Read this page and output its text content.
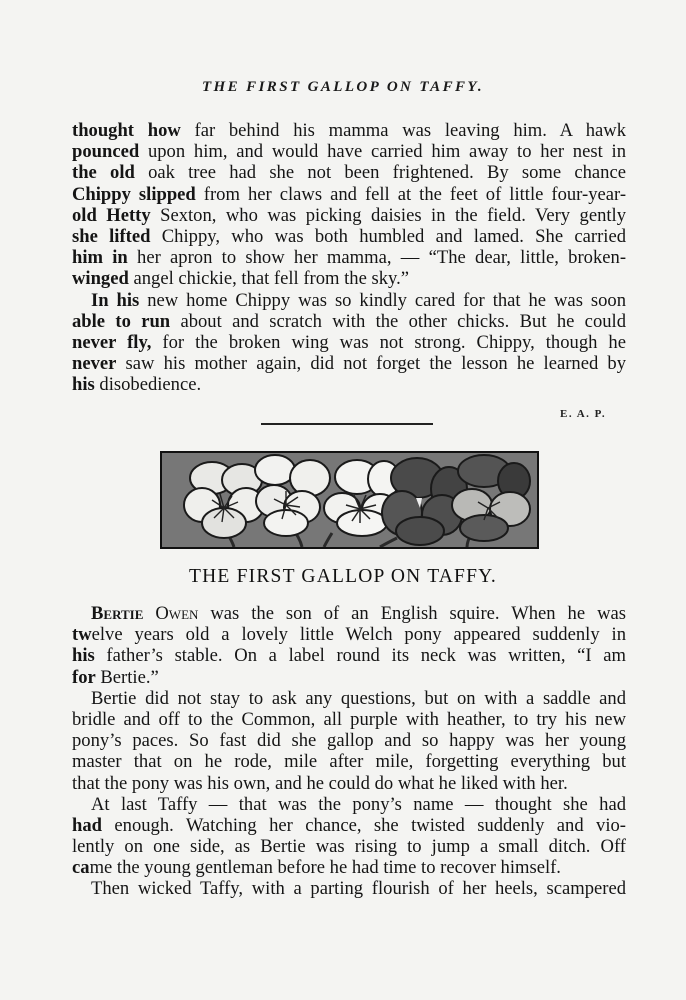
THE FIRST GALLOP ON TAFFY.
thought how far behind his mamma was leaving him. A hawk
pounced upon him, and would have carried him away to her nest in
the old oak tree had she not been frightened. By some chance
Chippy slipped from her claws and fell at the feet of little four-year-
old Hetty Sexton, who was picking daisies in the field. Very gently
she lifted Chippy, who was both humbled and lamed. She carried
him in her apron to show her mamma, — “The dear, little, broken-
winged angel chickie, that fell from the sky.”
In his new home Chippy was so kindly cared for that he was soon
able to run about and scratch with the other chicks. But he could
never fly, for the broken wing was not strong. Chippy, though he
never saw his mother again, did not forget the lesson he learned by
his disobedience.
E. A. P.
THE FIRST GALLOP ON TAFFY.
Bertie Owen was the son of an English squire. When he was
twelve years old a lovely little Welch pony appeared suddenly in
his father’s stable. On a label round its neck was written, “I am
for Bertie.”
Bertie did not stay to ask any questions, but on with a saddle and
bridle and off to the Common, all purple with heather, to try his new
pony’s paces. So fast did she gallop and so happy was her young
master that on he rode, mile after mile, forgetting everything but
that the pony was his own, and he could do what he liked with her.
At last Taffy — that was the pony’s name — thought she had
had enough. Watching her chance, she twisted suddenly and vio-
lently on one side, as Bertie was rising to jump a small ditch. Off
came the young gentleman before he had time to recover himself.
Then wicked Taffy, with a parting flourish of her heels, scampered
